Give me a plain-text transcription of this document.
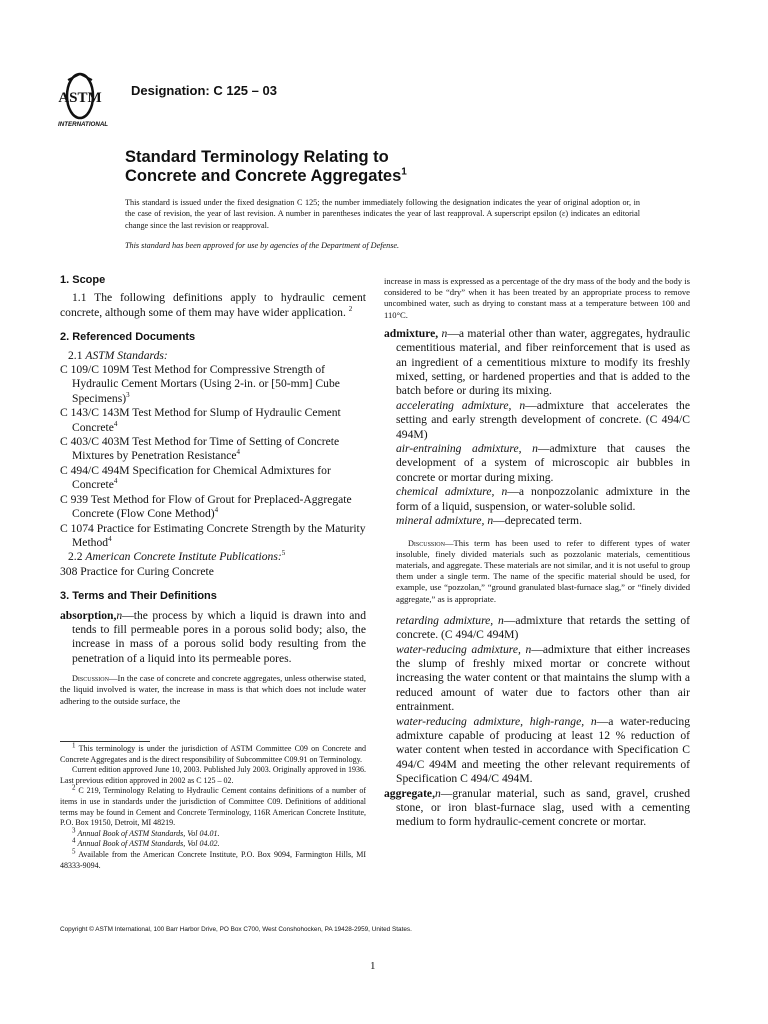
ASTM
INTERNATIONAL
Designation: C 125 – 03
Standard Terminology Relating to
Concrete and Concrete Aggregates$^1$
This standard is issued under the fixed designation C 125; the number immediately following the designation indicates the year of original adoption or, in the case of revision, the year of last revision. A number in parentheses indicates the year of last reapproval. A superscript epsilon (ε) indicates an editorial change since the last revision or reapproval.
This standard has been approved for use by agencies of the Department of Defense.

1. Scope

1.1 The following definitions apply to hydraulic cement concrete, although some of them may have wider application. $^2$

2. Referenced Documents

2.1 ASTM Standards:

C 109/C 109M Test Method for Compressive Strength of Hydraulic Cement Mortars (Using 2-in. or [50-mm] Cube Specimens)$^3$

C 143/C 143M Test Method for Slump of Hydraulic Cement Concrete$^4$

C 403/C 403M Test Method for Time of Setting of Concrete Mixtures by Penetration Resistance$^4$

C 494/C 494M Specification for Chemical Admixtures for Concrete$^4$

C 939 Test Method for Flow of Grout for Preplaced-Aggregate Concrete (Flow Cone Method)$^4$

C 1074 Practice for Estimating Concrete Strength by the Maturity Method$^4$

2.2 American Concrete Institute Publications:$^5$

308 Practice for Curing Concrete

3. Terms and Their Definitions

absorption,n—the process by which a liquid is drawn into and tends to fill permeable pores in a porous solid body; also, the increase in mass of a porous solid body resulting from the penetration of a liquid into its permeable pores.

Discussion—In the case of concrete and concrete aggregates, unless otherwise stated, the liquid involved is water, the increase in mass is that which does not include water adhering to the outside surface, the

increase in mass is expressed as a percentage of the dry mass of the body and the body is considered to be “dry” when it has been treated by an appropriate process to remove uncombined water, such as drying to constant mass at a temperature between 100 and 110°C.

admixture, n—a material other than water, aggregates, hydraulic cementitious material, and fiber reinforcement that is used as an ingredient of a cementitious mixture to modify its freshly mixed, setting, or hardened properties and that is added to the batch before or during its mixing.

accelerating admixture, n—admixture that accelerates the setting and early strength development of concrete. (C 494/C 494M)

air-entraining admixture, n—admixture that causes the development of a system of microscopic air bubbles in concrete or mortar during mixing.

chemical admixture, n—a nonpozzolanic admixture in the form of a liquid, suspension, or water-soluble solid.

mineral admixture, n—deprecated term.

Discussion—This term has been used to refer to different types of water insoluble, finely divided materials such as pozzolanic materials, cementitious materials, and aggregate. These materials are not similar, and it is not useful to group them under a single term. The name of the specific material should be used, for example, use “pozzolan,” “ground granulated blast-furnace slag,” or “finely divided aggregate,” as is appropriate.

retarding admixture, n—admixture that retards the setting of concrete. (C 494/C 494M)

water-reducing admixture, n—admixture that either increases the slump of freshly mixed mortar or concrete without increasing the water content or that maintains the slump with a reduced amount of water due to factors other than air entrainment.

water-reducing admixture, high-range, n—a water-reducing admixture capable of producing at least 12 % reduction of water content when tested in accordance with Specification C 494/C 494M and meeting the other relevant requirements of Specification C 494/C 494M.

aggregate,n—granular material, such as sand, gravel, crushed stone, or iron blast-furnace slag, used with a cementing medium to form hydraulic-cement concrete or mortar.

$^1$ This terminology is under the jurisdiction of ASTM Committee C09 on Concrete and Concrete Aggregates and is the direct responsibility of Subcommittee C09.91 on Terminology.

Current edition approved June 10, 2003. Published July 2003. Originally approved in 1936. Last previous edition approved in 2002 as C 125 – 02.

$^2$ C 219, Terminology Relating to Hydraulic Cement contains definitions of a number of items in use in standards under the jurisdiction of Committee C09. Definitions of additional terms may be found in Cement and Concrete Terminology, 116R American Concrete Institute, P.O. Box 19150, Detroit, MI 48219.

$^3$ Annual Book of ASTM Standards, Vol 04.01.

$^4$ Annual Book of ASTM Standards, Vol 04.02.

$^5$ Available from the American Concrete Institute, P.O. Box 9094, Farmington Hills, MI 48333-9094.

Copyright © ASTM International, 100 Barr Harbor Drive, PO Box C700, West Conshohocken, PA 19428-2959, United States.
1
